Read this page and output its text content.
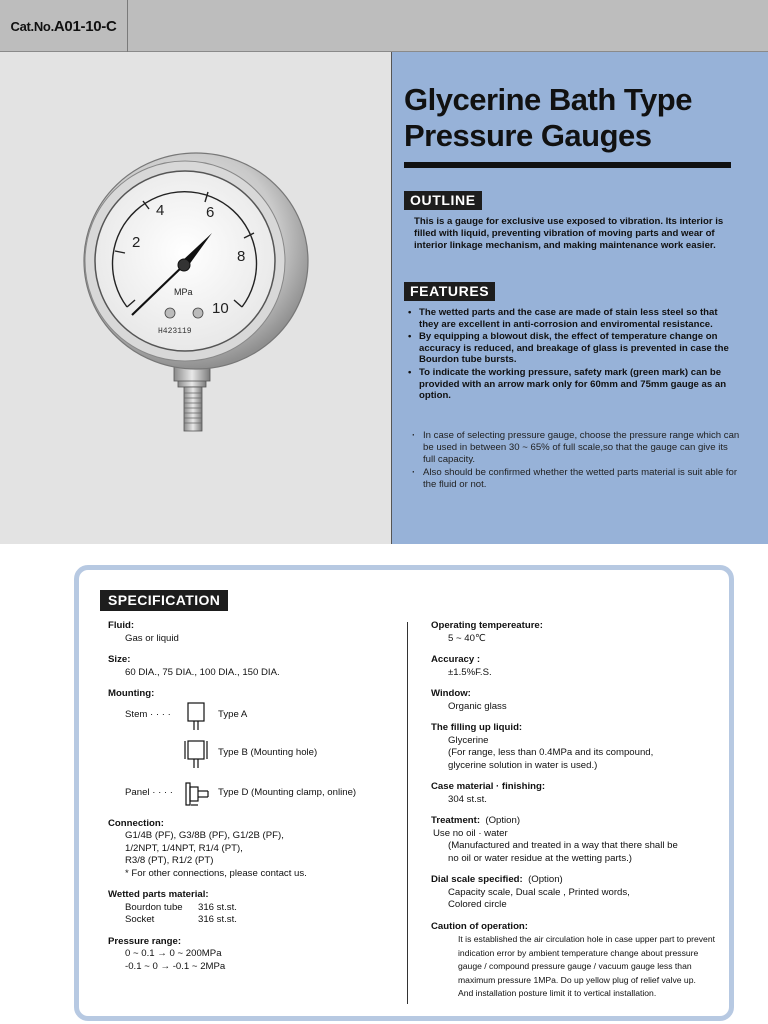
Cat.No. A01-10-C
2
4	6
8
10
MPa
H423119
Glycerine Bath Type
Pressure Gauges
OUTLINE
This is a gauge for exclusive use exposed to vibration. Its interior is filled with liquid, preventing vibration of moving parts and wear of interior linkage mechanism, and making maintenance work easier.
FEATURES
• The wetted parts and the case are made of stain less steel so that they are excellent in anti-corrosion and enviromental resistance.
• By equipping a blowout disk, the effect of temperature change on accuracy is reduced, and breakage of glass is prevented in case the Bourdon tube bursts.
• To indicate the working pressure, safety mark (green mark) can be provided with an arrow mark only for 60mm and 75mm gauge as an option.
· In case of selecting pressure gauge, choose the pressure range which can be used in between 30 ~ 65% of full scale,so that the gauge can give its full capacity.
· Also should be confirmed whether the wetted parts material is suit able for the fluid or not.
SPECIFICATION
Fluid:
Gas or liquid
Size:
60 DIA., 75 DIA., 100 DIA., 150 DIA.
Mounting:
Stem · · · ·	Type A
Type B (Mounting hole)
Panel · · · ·	Type D (Mounting clamp, online)
Connection:
G1/4B (PF), G3/8B (PF), G1/2B (PF),
1/2NPT, 1/4NPT, R1/4 (PT),
R3/8 (PT), R1/2 (PT)
* For other connections, please contact us.
Wetted parts material:
Bourdon tube	316 st.st.
Socket	316 st.st.
Pressure range:
0 ~ 0.1 → 0 ~ 200MPa
-0.1 ~ 0 → -0.1 ~ 2MPa
Operating tempereature:
5 ~ 40℃
Accuracy :
±1.5%F.S.
Window:
Organic glass
The filling up liquid:
Glycerine
(For range, less than 0.4MPa and its compound,
glycerine solution in water is used.)
Case material · finishing:
304 st.st.
Treatment: (Option)
Use no oil · water
(Manufactured and treated in a way that there shall be
no oil or water residue at the wetting parts.)
Dial scale specified: (Option)
Capacity scale, Dual scale , Printed words,
Colored circle
Caution of operation:
It is established the air circulation hole in case upper part to prevent
indication error by ambient temperature change about pressure
gauge / compound pressure gauge / vacuum gauge less than
maximum pressure 1MPa. Do up yellow plug of relief valve up.
And installation posture limit it to vertical installation.
